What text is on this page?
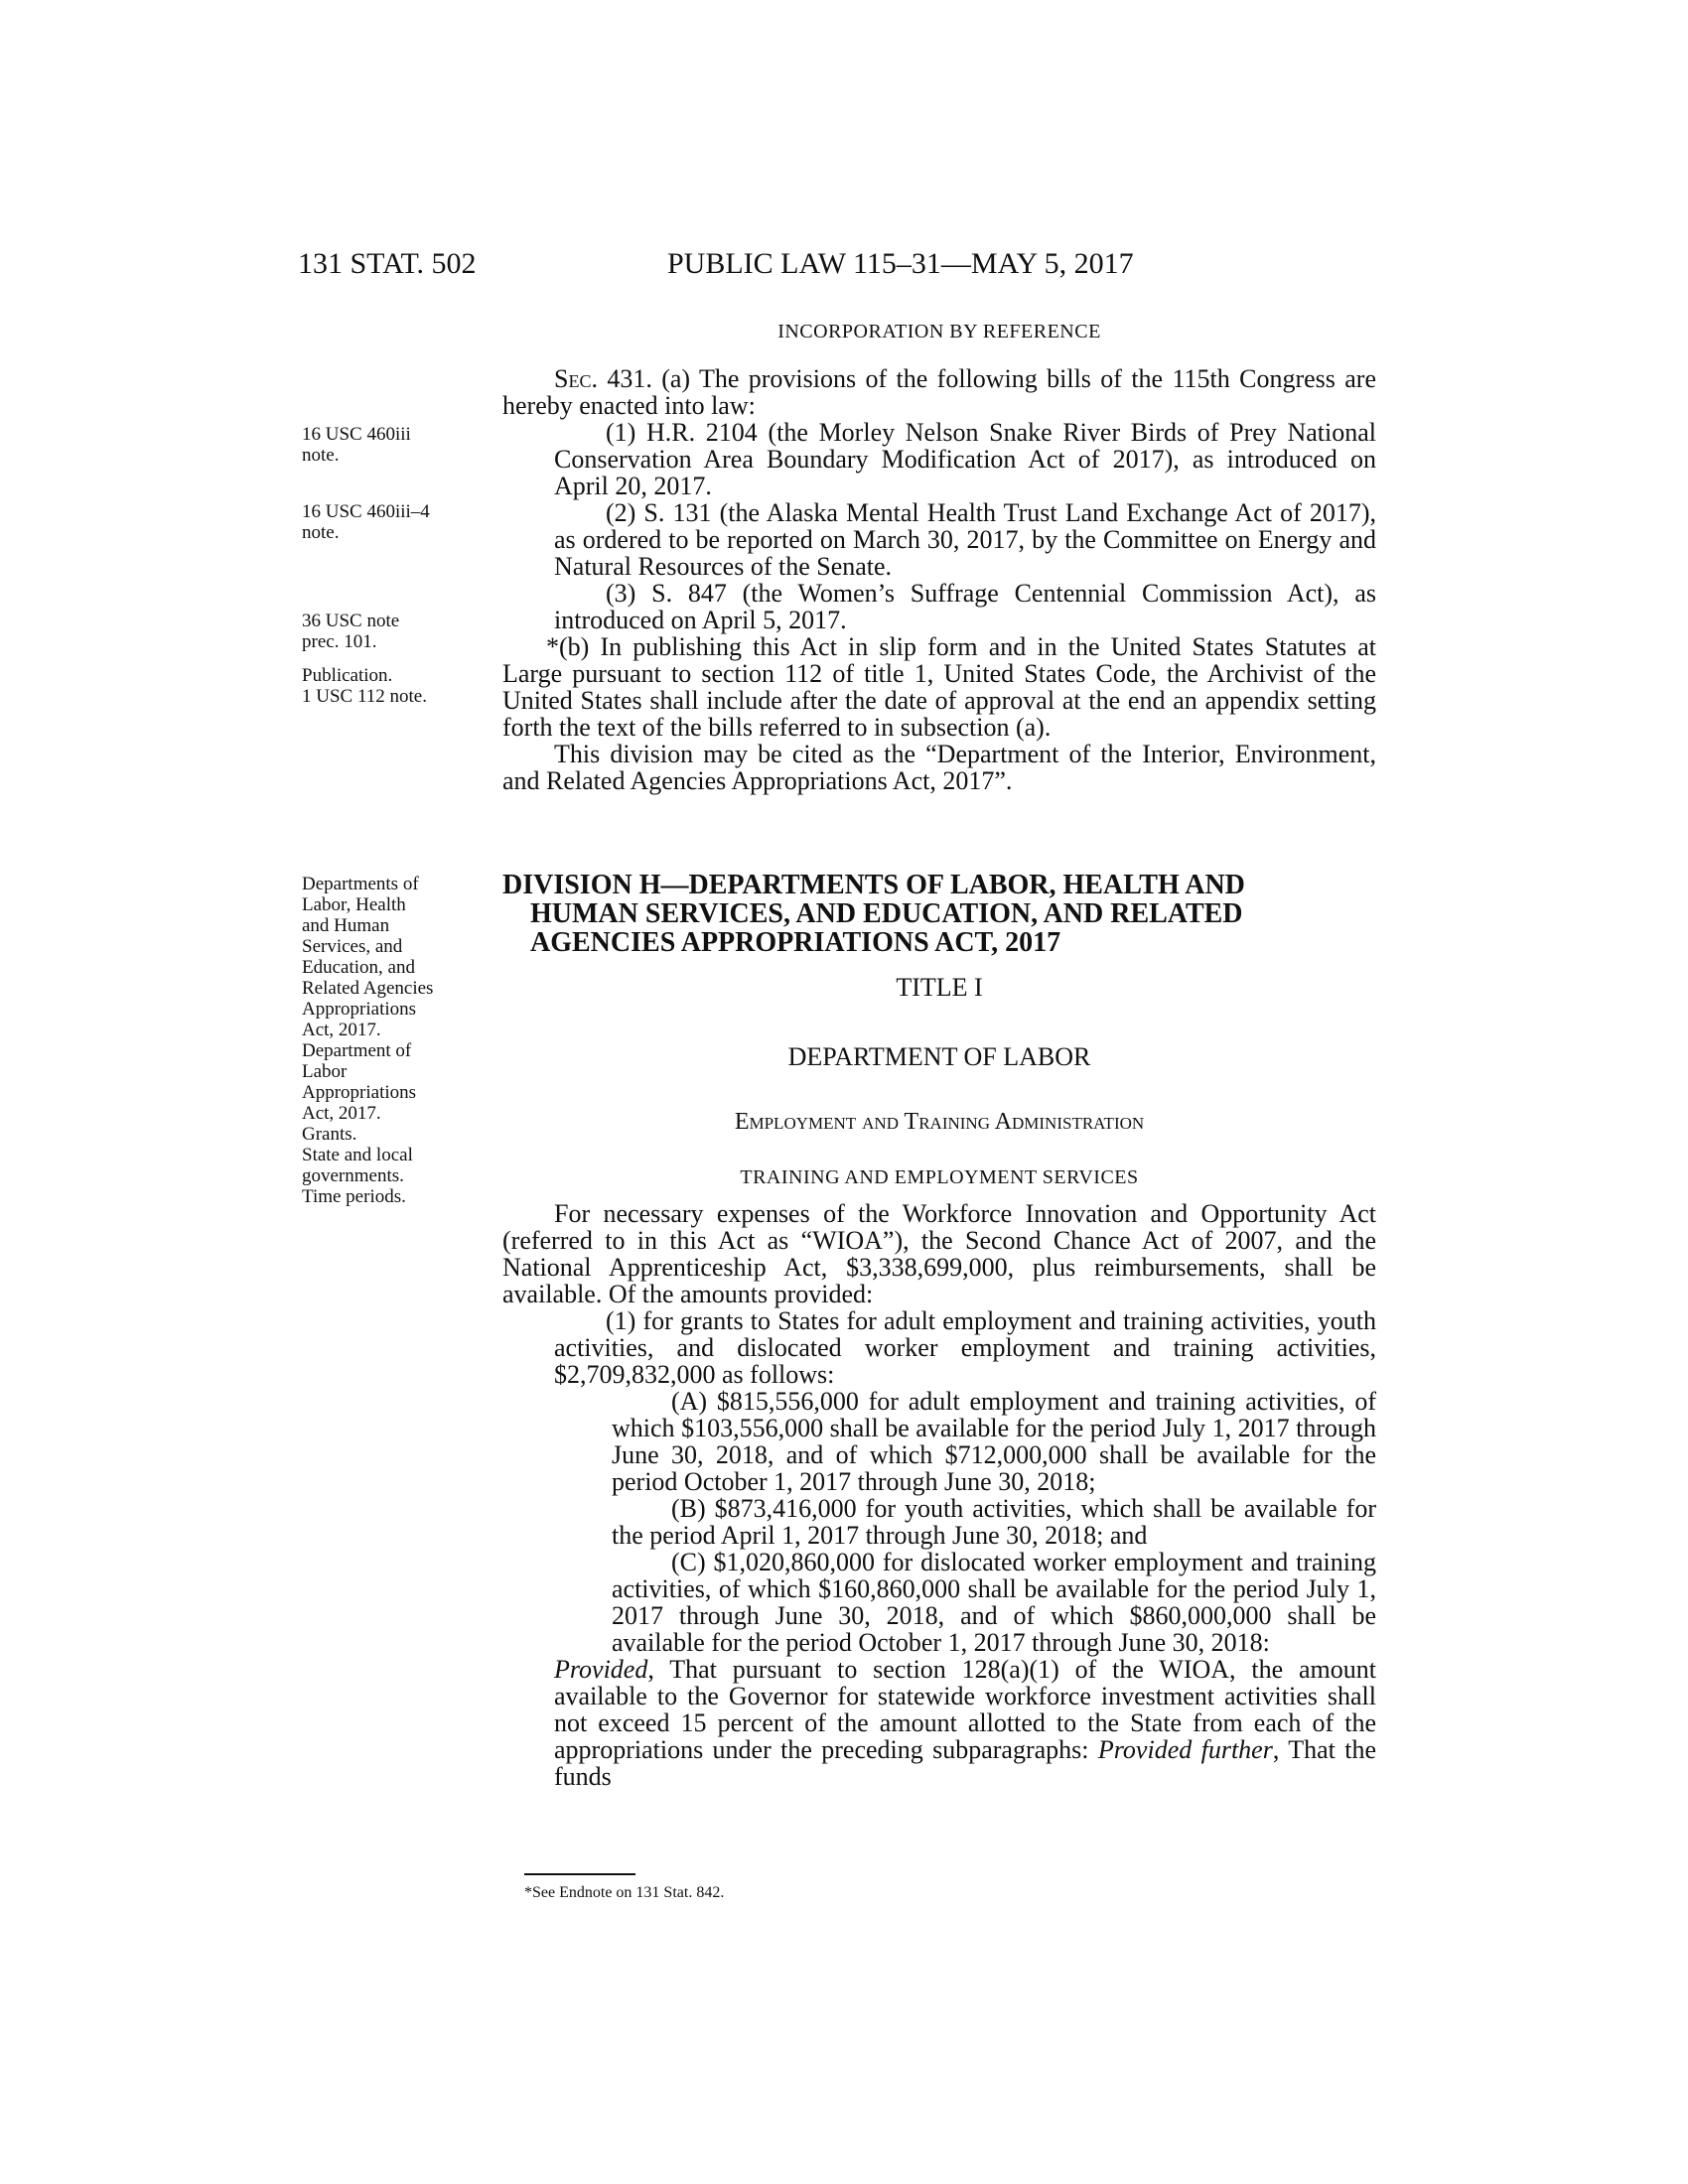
131 STAT. 502	PUBLIC LAW 115–31—MAY 5, 2017
INCORPORATION BY REFERENCE

Sec. 431. (a) The provisions of the following bills of the 115th Congress are hereby enacted into law:

(1) H.R. 2104 (the Morley Nelson Snake River Birds of Prey National Conservation Area Boundary Modification Act of 2017), as introduced on April 20, 2017.

(2) S. 131 (the Alaska Mental Health Trust Land Exchange Act of 2017), as ordered to be reported on March 30, 2017, by the Committee on Energy and Natural Resources of the Senate.

(3) S. 847 (the Women’s Suffrage Centennial Commission Act), as introduced on April 5, 2017.

*(b) In publishing this Act in slip form and in the United States Statutes at Large pursuant to section 112 of title 1, United States Code, the Archivist of the United States shall include after the date of approval at the end an appendix setting forth the text of the bills referred to in subsection (a).

This division may be cited as the “Department of the Interior, Environment, and Related Agencies Appropriations Act, 2017”.

16 USC 460iii
note.
16 USC 460iii–4
note.
36 USC note
prec. 101.
Publication.
1 USC 112 note.
Departments of
Labor, Health
and Human
Services, and
Education, and
Related Agencies
Appropriations
Act, 2017.
Department of
Labor
Appropriations
Act, 2017.
Grants.
State and local
governments.
Time periods.
DIVISION H—DEPARTMENTS OF LABOR, HEALTH AND
HUMAN SERVICES, AND EDUCATION, AND RELATED
AGENCIES APPROPRIATIONS ACT, 2017
TITLE I
DEPARTMENT OF LABOR
Employment and Training Administration
TRAINING AND EMPLOYMENT SERVICES

For necessary expenses of the Workforce Innovation and Opportunity Act (referred to in this Act as “WIOA”), the Second Chance Act of 2007, and the National Apprenticeship Act, $3,338,699,000, plus reimbursements, shall be available. Of the amounts provided:

(1) for grants to States for adult employment and training activities, youth activities, and dislocated worker employment and training activities, $2,709,832,000 as follows:

(A) $815,556,000 for adult employment and training activities, of which $103,556,000 shall be available for the period July 1, 2017 through June 30, 2018, and of which $712,000,000 shall be available for the period October 1, 2017 through June 30, 2018;

(B) $873,416,000 for youth activities, which shall be available for the period April 1, 2017 through June 30, 2018; and

(C) $1,020,860,000 for dislocated worker employment and training activities, of which $160,860,000 shall be available for the period July 1, 2017 through June 30, 2018, and of which $860,000,000 shall be available for the period October 1, 2017 through June 30, 2018:

Provided, That pursuant to section 128(a)(1) of the WIOA, the amount available to the Governor for statewide workforce investment activities shall not exceed 15 percent of the amount allotted to the State from each of the appropriations under the preceding subparagraphs: Provided further, That the funds

*See Endnote on 131 Stat. 842.
